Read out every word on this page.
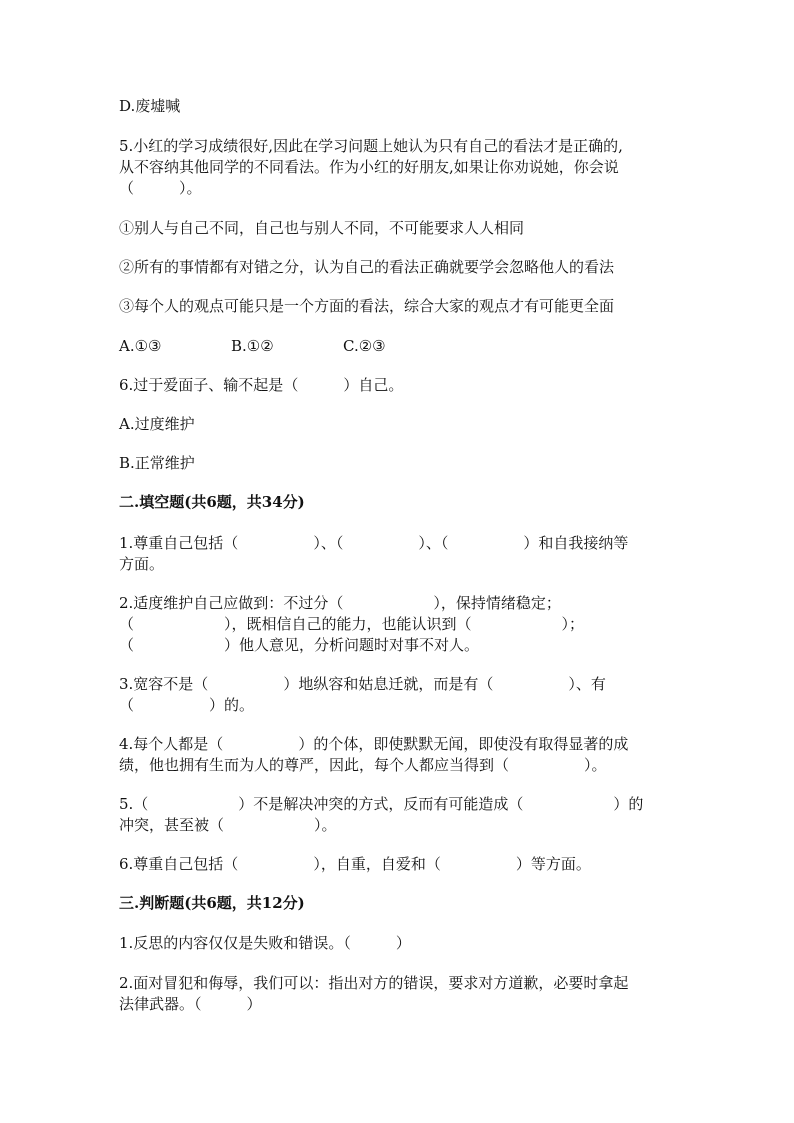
D.废墟喊
5.小红的学习成绩很好,因此在学习问题上她认为只有自己的看法才是正确的,
从不容纳其他同学的不同看法。作为小红的好朋友,如果让你劝说她，你会说
（　　　）。
①别人与自己不同，自己也与别人不同，不可能要求人人相同
②所有的事情都有对错之分，认为自己的看法正确就要学会忽略他人的看法
③每个人的观点可能只是一个方面的看法，综合大家的观点才有可能更全面
A.①③	B.①②	C.②③
6.过于爱面子、输不起是（　　　）自己。
A.过度维护
B.正常维护
二.填空题(共6题，共34分)
1.尊重自己包括（　　　　　）、（　　　　　）、（　　　　　）和自我接纳等
方面。
2.适度维护自己应做到：不过分（　　　　　　），保持情绪稳定；
（　　　　　　），既相信自己的能力，也能认识到（　　　　　　）；
（　　　　　　）他人意见，分析问题时对事不对人。
3.宽容不是（　　　　　）地纵容和姑息迁就，而是有（　　　　　）、有
（　　　　　）的。
4.每个人都是（　　　　　）的个体，即使默默无闻，即使没有取得显著的成
绩，他也拥有生而为人的尊严，因此，每个人都应当得到（　　　　　）。
5.（　　　　　　）不是解决冲突的方式，反而有可能造成（　　　　　　）的
冲突，甚至被（　　　　　　）。
6.尊重自己包括（　　　　　），自重，自爱和（　　　　　）等方面。
三.判断题(共6题，共12分)
1.反思的内容仅仅是失败和错误。（　　　）
2.面对冒犯和侮辱，我们可以：指出对方的错误，要求对方道歉，必要时拿起
法律武器。（　　　）
